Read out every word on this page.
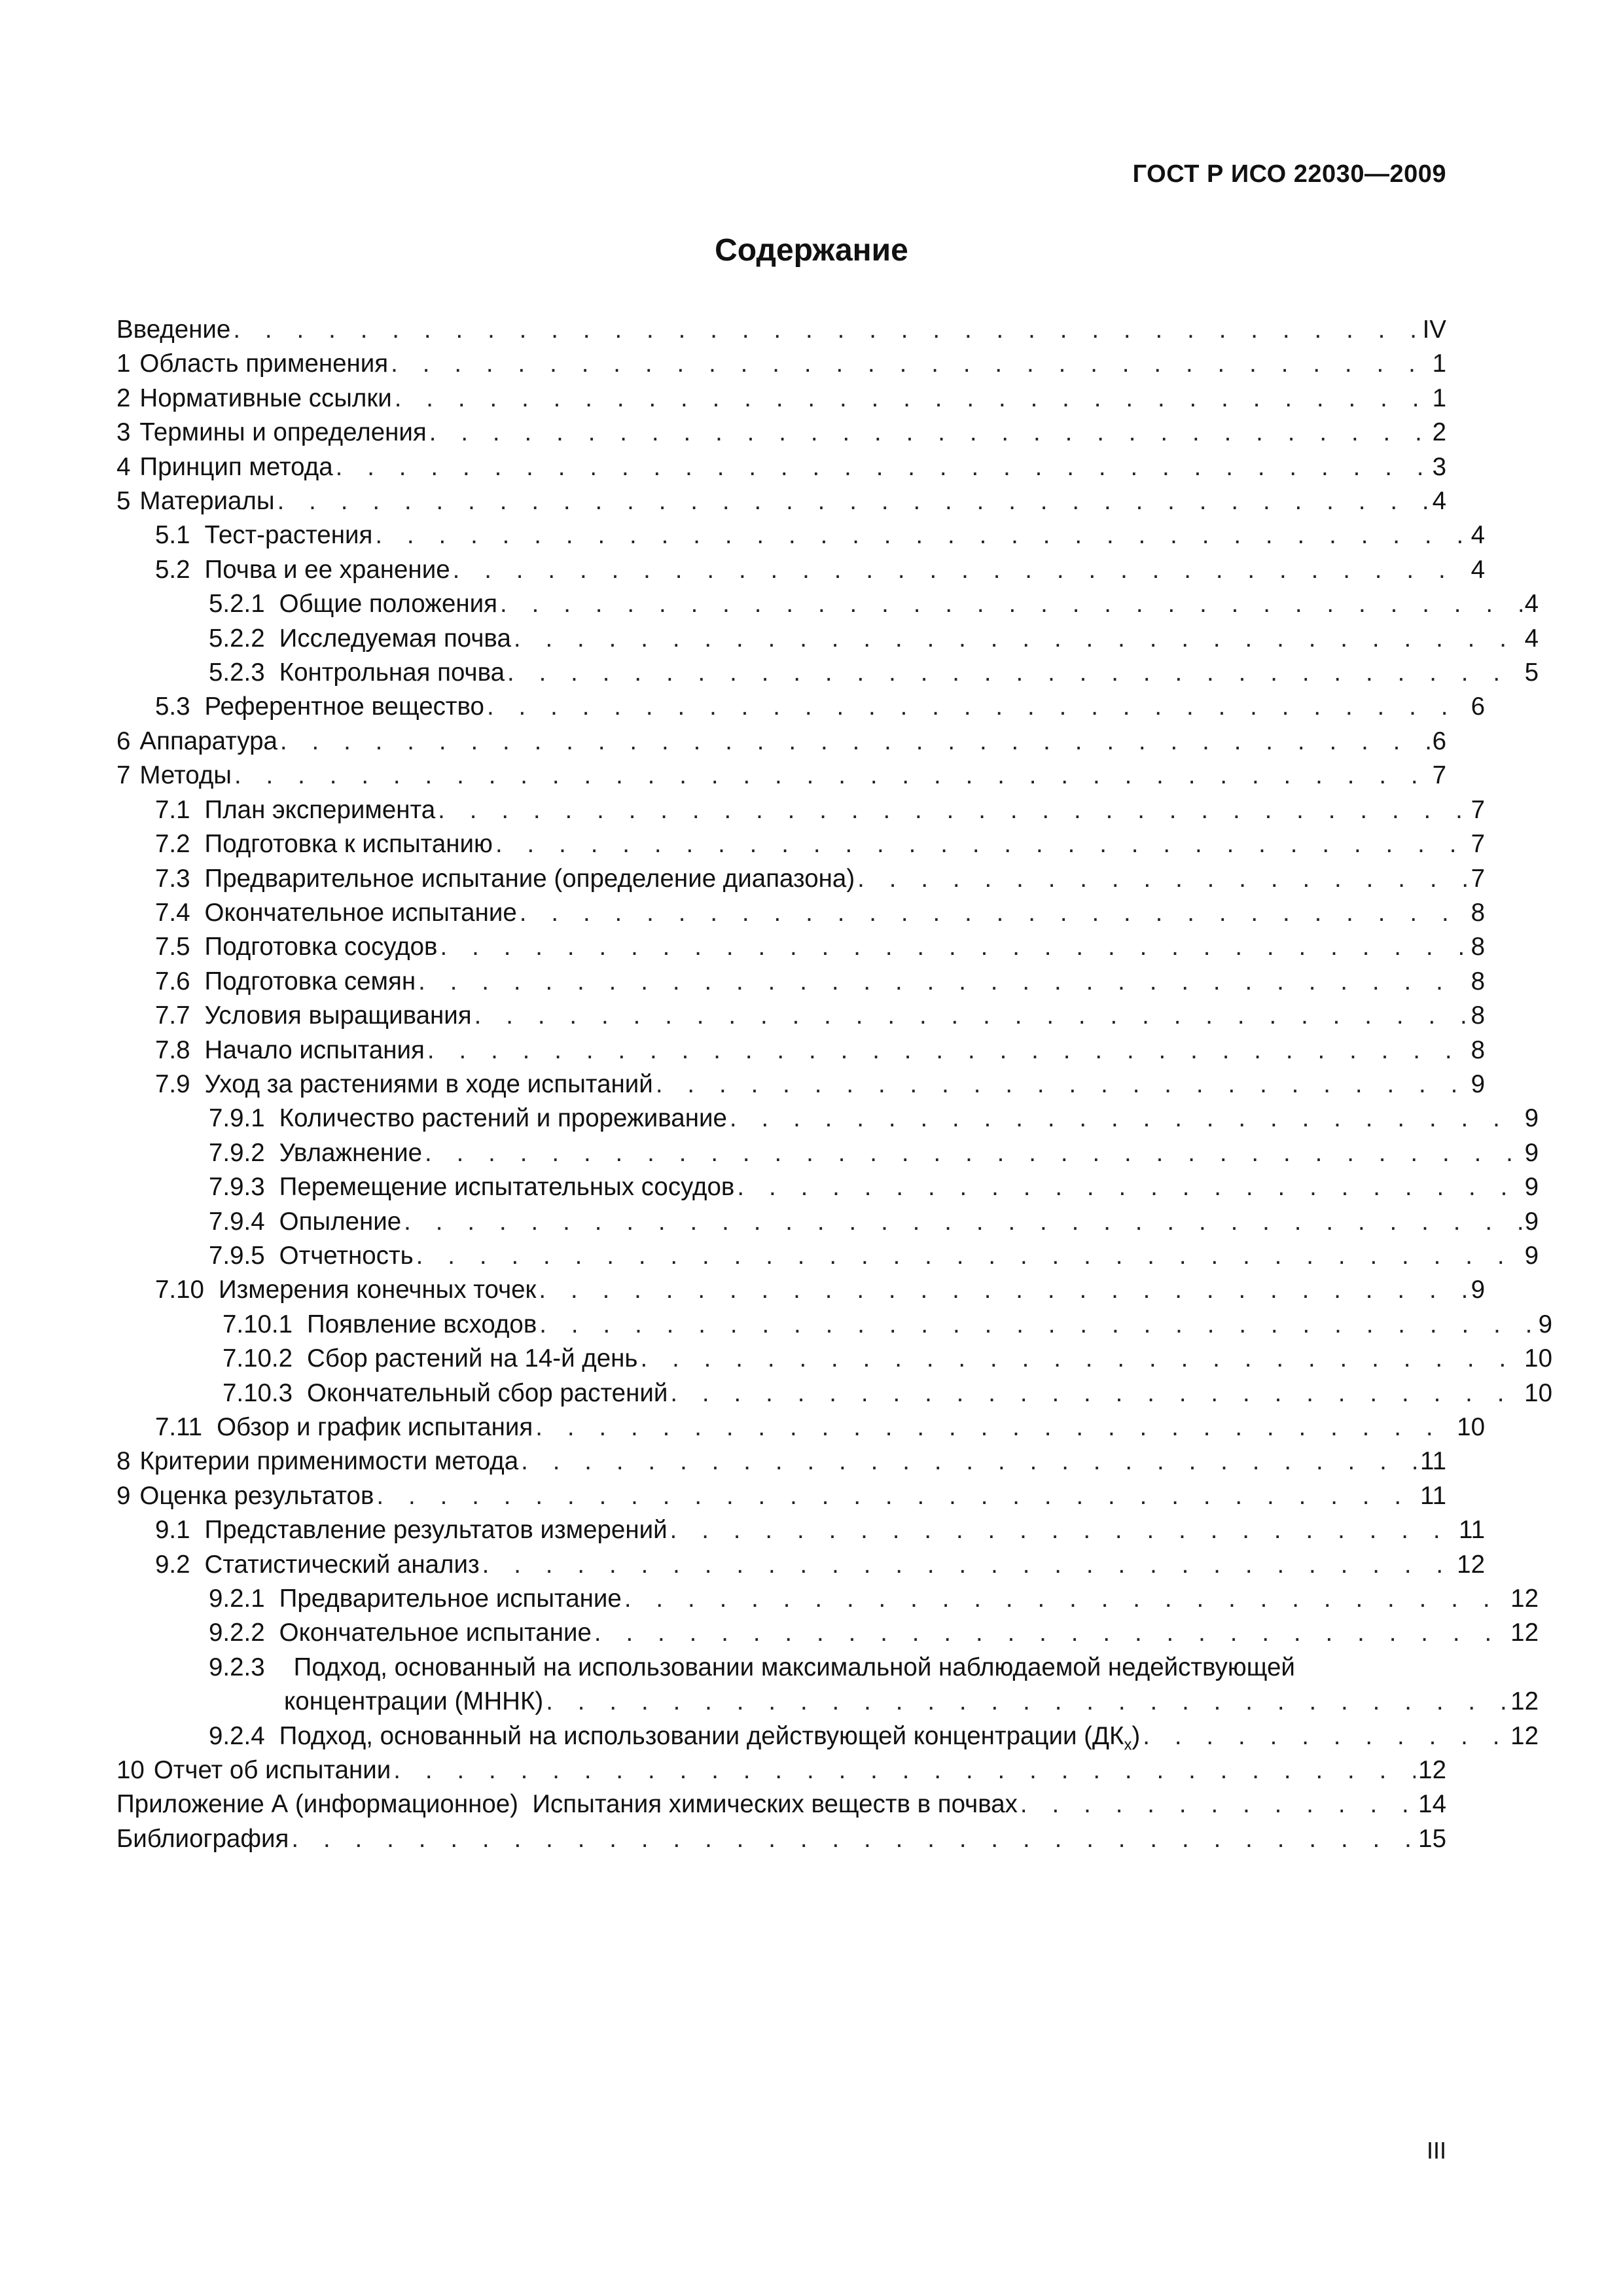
ГОСТ Р ИСО 22030—2009
Содержание
Введение . . .	IV
1 Область применения . . .	1
2 Нормативные ссылки . . .	1
3 Термины и определения . . .	2
4 Принцип метода . . .	3
5 Материалы . . .	4
5.1 Тест-растения . . .	4
5.2 Почва и ее хранение . . .	4
5.2.1 Общие положения . . .	4
5.2.2 Исследуемая почва . . .	4
5.2.3 Контрольная почва . . .	5
5.3 Референтное вещество . . .	6
6 Аппаратура . . .	6
7 Методы . . .	7
7.1 План эксперимента . . .	7
7.2 Подготовка к испытанию . . .	7
7.3 Предварительное испытание (определение диапазона) . . .	7
7.4 Окончательное испытание . . .	8
7.5 Подготовка сосудов . . .	8
7.6 Подготовка семян . . .	8
7.7 Условия выращивания . . .	8
7.8 Начало испытания . . .	8
7.9 Уход за растениями в ходе испытаний . . .	9
7.9.1 Количество растений и прореживание . . .	9
7.9.2 Увлажнение . . .	9
7.9.3 Перемещение испытательных сосудов . . .	9
7.9.4 Опыление . . .	9
7.9.5 Отчетность . . .	9
7.10 Измерения конечных точек . . .	9
7.10.1 Появление всходов . . .	9
7.10.2 Сбор растений на 14-й день . . .	10
7.10.3 Окончательный сбор растений . . .	10
7.11 Обзор и график испытания . . .	10
8 Критерии применимости метода . . .	11
9 Оценка результатов . . .	11
9.1 Представление результатов измерений . . .	11
9.2 Статистический анализ . . .	12
9.2.1 Предварительное испытание . . .	12
9.2.2 Окончательное испытание . . .	12
9.2.3 Подход, основанный на использовании максимальной наблюдаемой недействующей
концентрации (МННК) . . .	12
9.2.4 Подход, основанный на использовании действующей концентрации $(ДК_x)$ . . .	12
10 Отчет об испытании . . .	12
Приложение А (информационное)  Испытания химических веществ в почвах . . .	14
Библиография . . .	15
III
